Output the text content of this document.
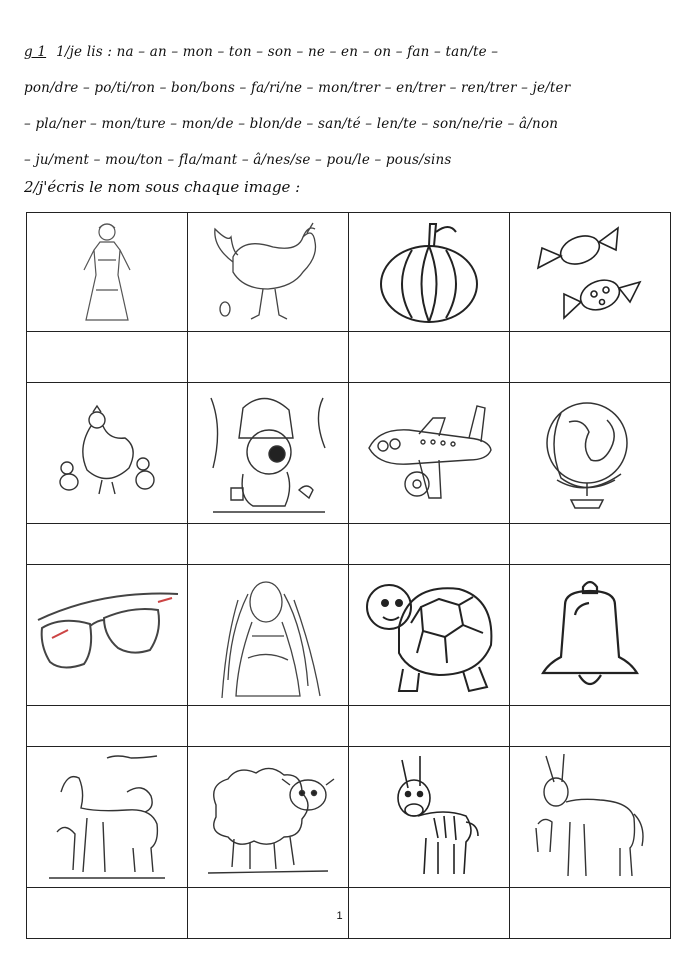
g 1 1/je lis : na – an – mon – ton – son – ne – en – on – fan – tan/te –
pon/dre – po/ti/ron – bon/bons – fa/ri/ne – mon/trer – en/trer – ren/trer – je/ter
– pla/ner – mon/ture – mon/de – blon/de – san/té – len/te – son/ne/rie – â/non
– ju/ment – mou/ton – fla/mant – â/nes/se – pou/le – pous/sins
2/j'écris le nom sous chaque image :

1
